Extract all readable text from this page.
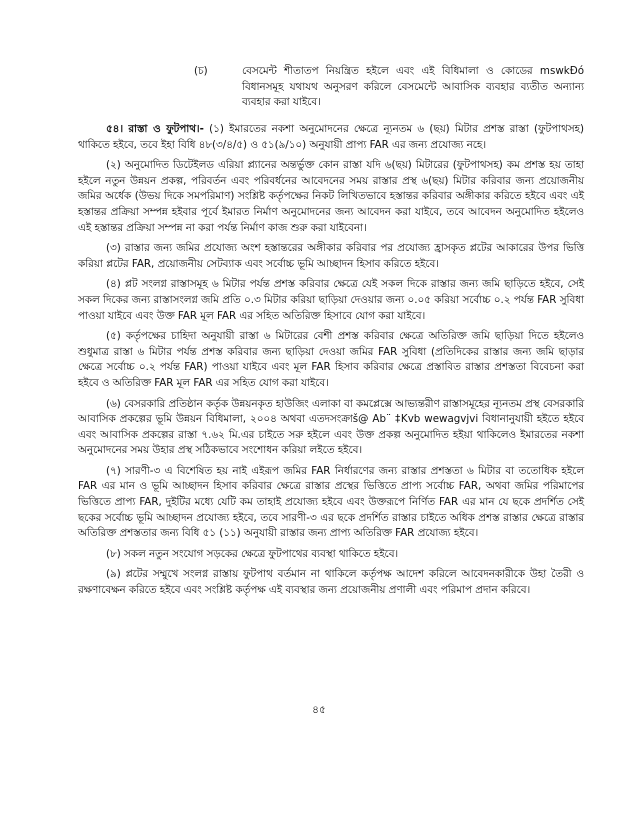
(চ)	বেসমেন্ট শীতাতপ নিয়ন্ত্রিত হইলে এবং এই বিধিমালা ও কোডের mswkÐó বিধানসমূহ যথাযথ অনুসরণ করিলে বেসমেন্টে আবাসিক ব্যবহার ব্যতীত অন্যান্য ব্যবহার করা যাইবে।

৫৪। রাস্তা ও ফুটপাথ।- (১) ইমারতের নকশা অনুমোদনের ক্ষেত্রে ন্যূনতম ৬ (ছয়) মিটার প্রশস্ত রাস্তা (ফুটপাথসহ) থাকিতে হইবে, তবে ইহা বিধি ৪৮(৩/৪/৫) ও ৫১(৯/১০) অনুযায়ী প্রাপ্য FAR এর জন্য প্রযোজ্য নহে।

(২) অনুমোদিত ডিটেইলড এরিয়া প্ল্যানের অন্তর্ভুক্ত কোন রাস্তা যদি ৬(ছয়) মিটারের (ফুটপাথসহ) কম প্রশস্ত হয় তাহা হইলে নতুন উন্নয়ন প্রকল্প, পরিবর্তন এবং পরিবর্ধনের আবেদনের সময় রাস্তার প্রস্থ ৬(ছয়) মিটার করিবার জন্য প্রয়োজনীয় জমির অর্ধেক (উভয় দিকে সমপরিমাণ) সংশ্লিষ্ট কর্তৃপক্ষের নিকট লিখিতভাবে হস্তান্তর করিবার অঙ্গীকার করিতে হইবে এবং এই হস্তান্তর প্রক্রিয়া সম্পন্ন হইবার পূর্বে ইমারত নির্মাণ অনুমোদনের জন্য আবেদন করা যাইবে, তবে আবেদন অনুমোদিত হইলেও এই হস্তান্তর প্রক্রিয়া সম্পন্ন না করা পর্যন্ত নির্মাণ কাজ শুরু করা যাইবেনা।

(৩) রাস্তার জন্য জমির প্রযোজ্য অংশ হস্তান্তরের অঙ্গীকার করিবার পর প্রযোজ্য হ্রাসকৃত প্লটের আকারের উপর ভিত্তি করিয়া প্লটের FAR, প্রয়োজনীয় সেটব্যাক এবং সর্বোচ্চ ভূমি আচ্ছাদন হিসাব করিতে হইবে।

(৪) প্লট সংলগ্ন রাস্তাসমূহ ৬ মিটার পর্যন্ত প্রশস্ত করিবার ক্ষেত্রে যেই সকল দিকে রাস্তার জন্য জমি ছাড়িতে হইবে, সেই সকল দিকের জন্য রাস্তাসংলগ্ন জমি প্রতি ০.৩ মিটার করিয়া ছাড়িয়া দেওয়ার জন্য ০.০৫ করিয়া সর্বোচ্চ ০.২ পর্যন্ত FAR সুবিধা পাওয়া যাইবে এবং উক্ত FAR মূল FAR এর সহিত অতিরিক্ত হিসাবে যোগ করা যাইবে।

(৫) কর্তৃপক্ষের চাহিদা অনুযায়ী রাস্তা ৬ মিটারের বেশী প্রশস্ত করিবার ক্ষেত্রে অতিরিক্ত জমি ছাড়িয়া দিতে হইলেও শুধুমাত্র রাস্তা ৬ মিটার পর্যন্ত প্রশস্ত করিবার জন্য ছাড়িয়া দেওয়া জমির FAR সুবিধা (প্রতিদিকের রাস্তার জন্য জমি ছাড়ার ক্ষেত্রে সর্বোচ্চ ০.২ পর্যন্ত FAR) পাওয়া যাইবে এবং মূল FAR হিসাব করিবার ক্ষেত্রে প্রস্তাবিত রাস্তার প্রশস্ততা বিবেচনা করা হইবে ও অতিরিক্ত FAR মূল FAR এর সহিত যোগ করা যাইবে।

(৬) বেসরকারি প্রতিষ্ঠান কর্তৃক উন্নয়নকৃত হাউজিং এলাকা বা কমপ্লেক্সে আভ্যন্তরীণ রাস্তাসমূহের ন্যূনতম প্রস্থ বেসরকারি আবাসিক প্রকল্পের ভূমি উন্নয়ন বিধিমালা, ২০০৪ অথবা এতদসংক্রাš@ Ab¨ ‡Kvb wewagvjvi বিধানানুযায়ী হইতে হইবে এবং আবাসিক প্রকল্পের রাস্তা ৭.৬২ মি.এর চাইতে সরু হইলে এবং উক্ত প্রকল্প অনুমোদিত হইয়া থাকিলেও ইমারতের নকশা অনুমোদনের সময় উহার প্রস্থ সঠিকভাবে সংশোধন করিয়া লইতে হইবে।

(৭) সারণী-৩ এ বিশেষিত হয় নাই এইরূপ জমির FAR নির্ধারণের জন্য রাস্তার প্রশস্ততা ৬ মিটার বা ততোধিক হইলে FAR এর মান ও ভূমি আচ্ছাদন হিসাব করিবার ক্ষেত্রে রাস্তার প্রস্থের ভিত্তিতে প্রাপ্য সর্বোচ্চ FAR, অথবা জমির পরিমাপের ভিত্তিতে প্রাপ্য FAR, দুইটির মধ্যে যেটি কম তাহাই প্রযোজ্য হইবে এবং উক্তরূপে নির্ণিত FAR এর মান যে ছকে প্রদর্শিত সেই ছকের সর্বোচ্চ ভূমি আচ্ছাদন প্রযোজ্য হইবে, তবে সারণী-৩ এর ছকে প্রদর্শিত রাস্তার চাইতে অধিক প্রশস্ত রাস্তার ক্ষেত্রে রাস্তার অতিরিক্ত প্রশস্ততার জন্য বিধি ৫১ (১১) অনুযায়ী রাস্তার জন্য প্রাপ্য অতিরিক্ত FAR প্রযোজ্য হইবে।

(৮) সকল নতুন সংযোগ সড়কের ক্ষেত্রে ফুটপাথের ব্যবস্থা থাকিতে হইবে।

(৯) প্লটের সম্মুখে সংলগ্ন রাস্তায় ফুটপাথ বর্তমান না থাকিলে কর্তৃপক্ষ আদেশ করিলে আবেদনকারীকে উহা তৈরী ও রক্ষণাবেক্ষন করিতে হইবে এবং সংশ্লিষ্ট কর্তৃপক্ষ এই ব্যবস্থার জন্য প্রয়োজনীয় প্রণালী এবং পরিমাপ প্রদান করিবে।

৪৫
